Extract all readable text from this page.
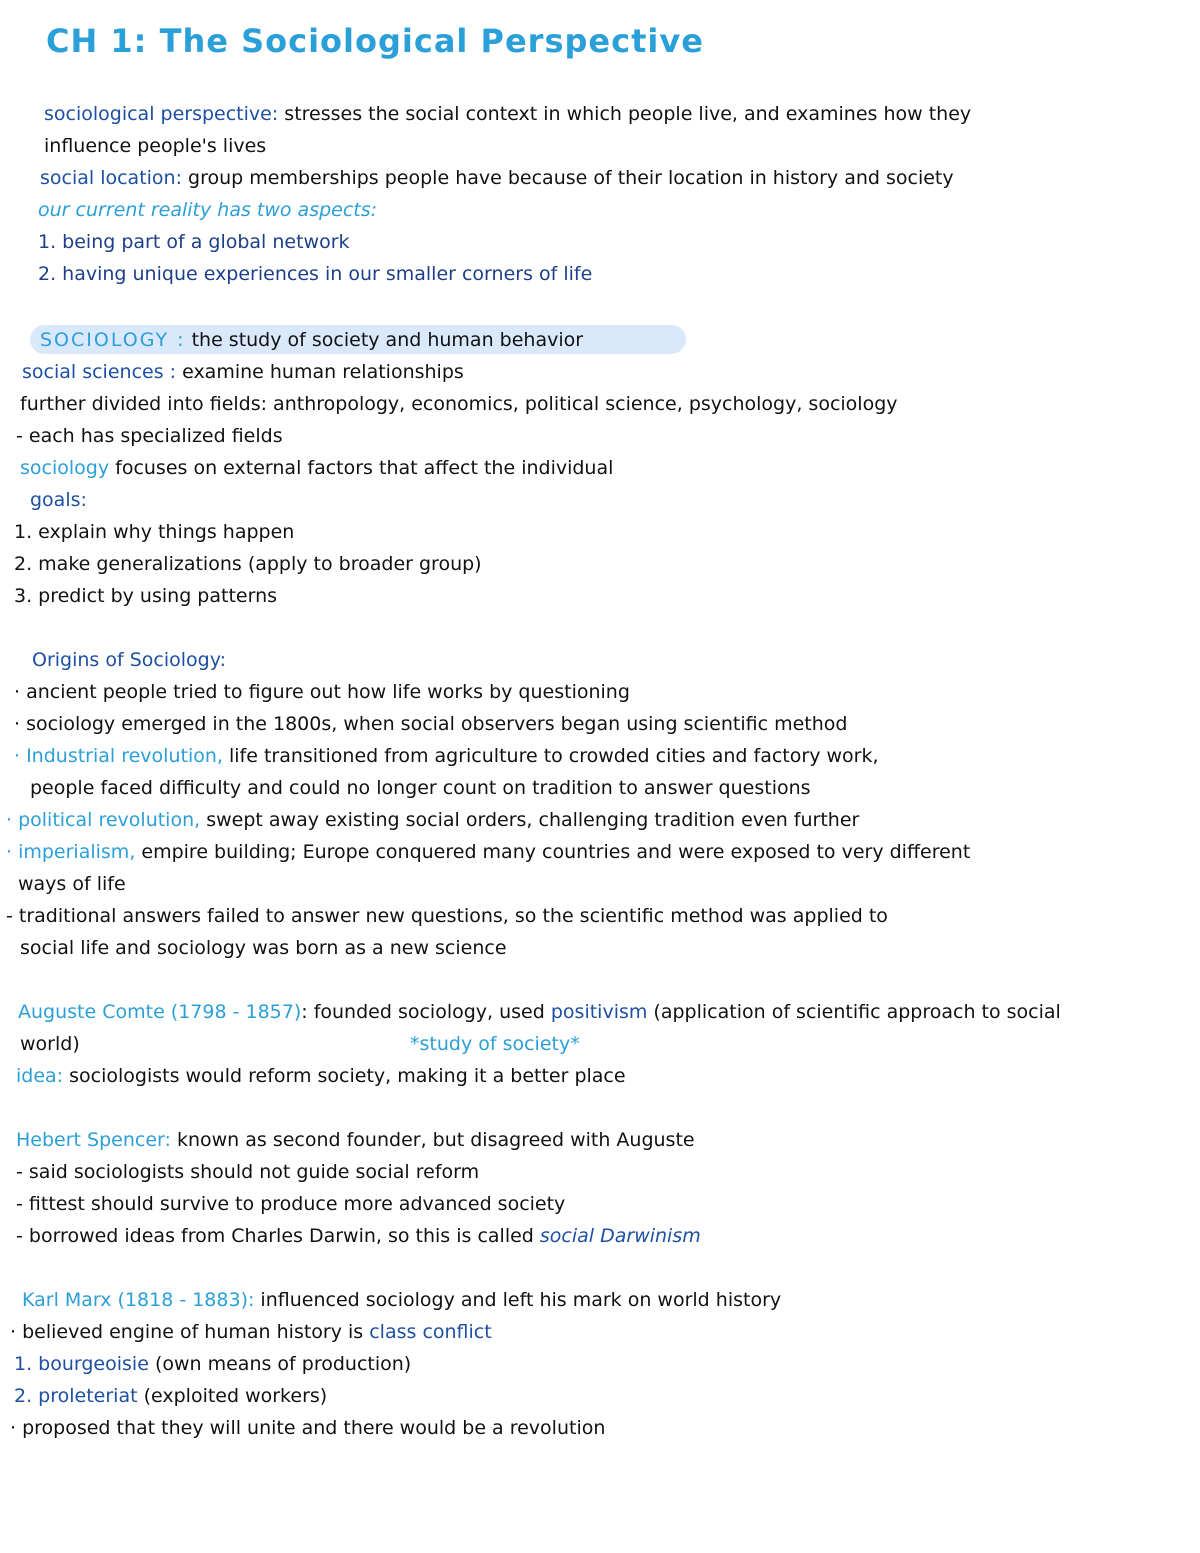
CH 1: The Sociological Perspective
sociological perspective: stresses the social context in which people live, and examines how they
influence people's lives
social location: group memberships people have because of their location in history and society
our current reality has two aspects:
1. being part of a global network
2. having unique experiences in our smaller corners of life
SOCIOLOGY : the study of society and human behavior
social sciences : examine human relationships
further divided into fields: anthropology, economics, political science, psychology, sociology
- each has specialized fields
sociology focuses on external factors that affect the individual
goals:
1. explain why things happen
2. make generalizations (apply to broader group)
3. predict by using patterns
Origins of Sociology:
· ancient people tried to figure out how life works by questioning
· sociology emerged in the 1800s, when social observers began using scientific method
· Industrial revolution, life transitioned from agriculture to crowded cities and factory work,
people faced difficulty and could no longer count on tradition to answer questions
· political revolution, swept away existing social orders, challenging tradition even further
· imperialism, empire building; Europe conquered many countries and were exposed to very different
ways of life
- traditional answers failed to answer new questions, so the scientific method was applied to
social life and sociology was born as a new science
Auguste Comte (1798 - 1857): founded sociology, used positivism (application of scientific approach to social
world)	*study of society*
idea: sociologists would reform society, making it a better place
Hebert Spencer: known as second founder, but disagreed with Auguste
- said sociologists should not guide social reform
- fittest should survive to produce more advanced society
- borrowed ideas from Charles Darwin, so this is called social Darwinism
Karl Marx (1818 - 1883): influenced sociology and left his mark on world history
· believed engine of human history is class conflict
1. bourgeoisie (own means of production)
2. proleteriat (exploited workers)
· proposed that they will unite and there would be a revolution
